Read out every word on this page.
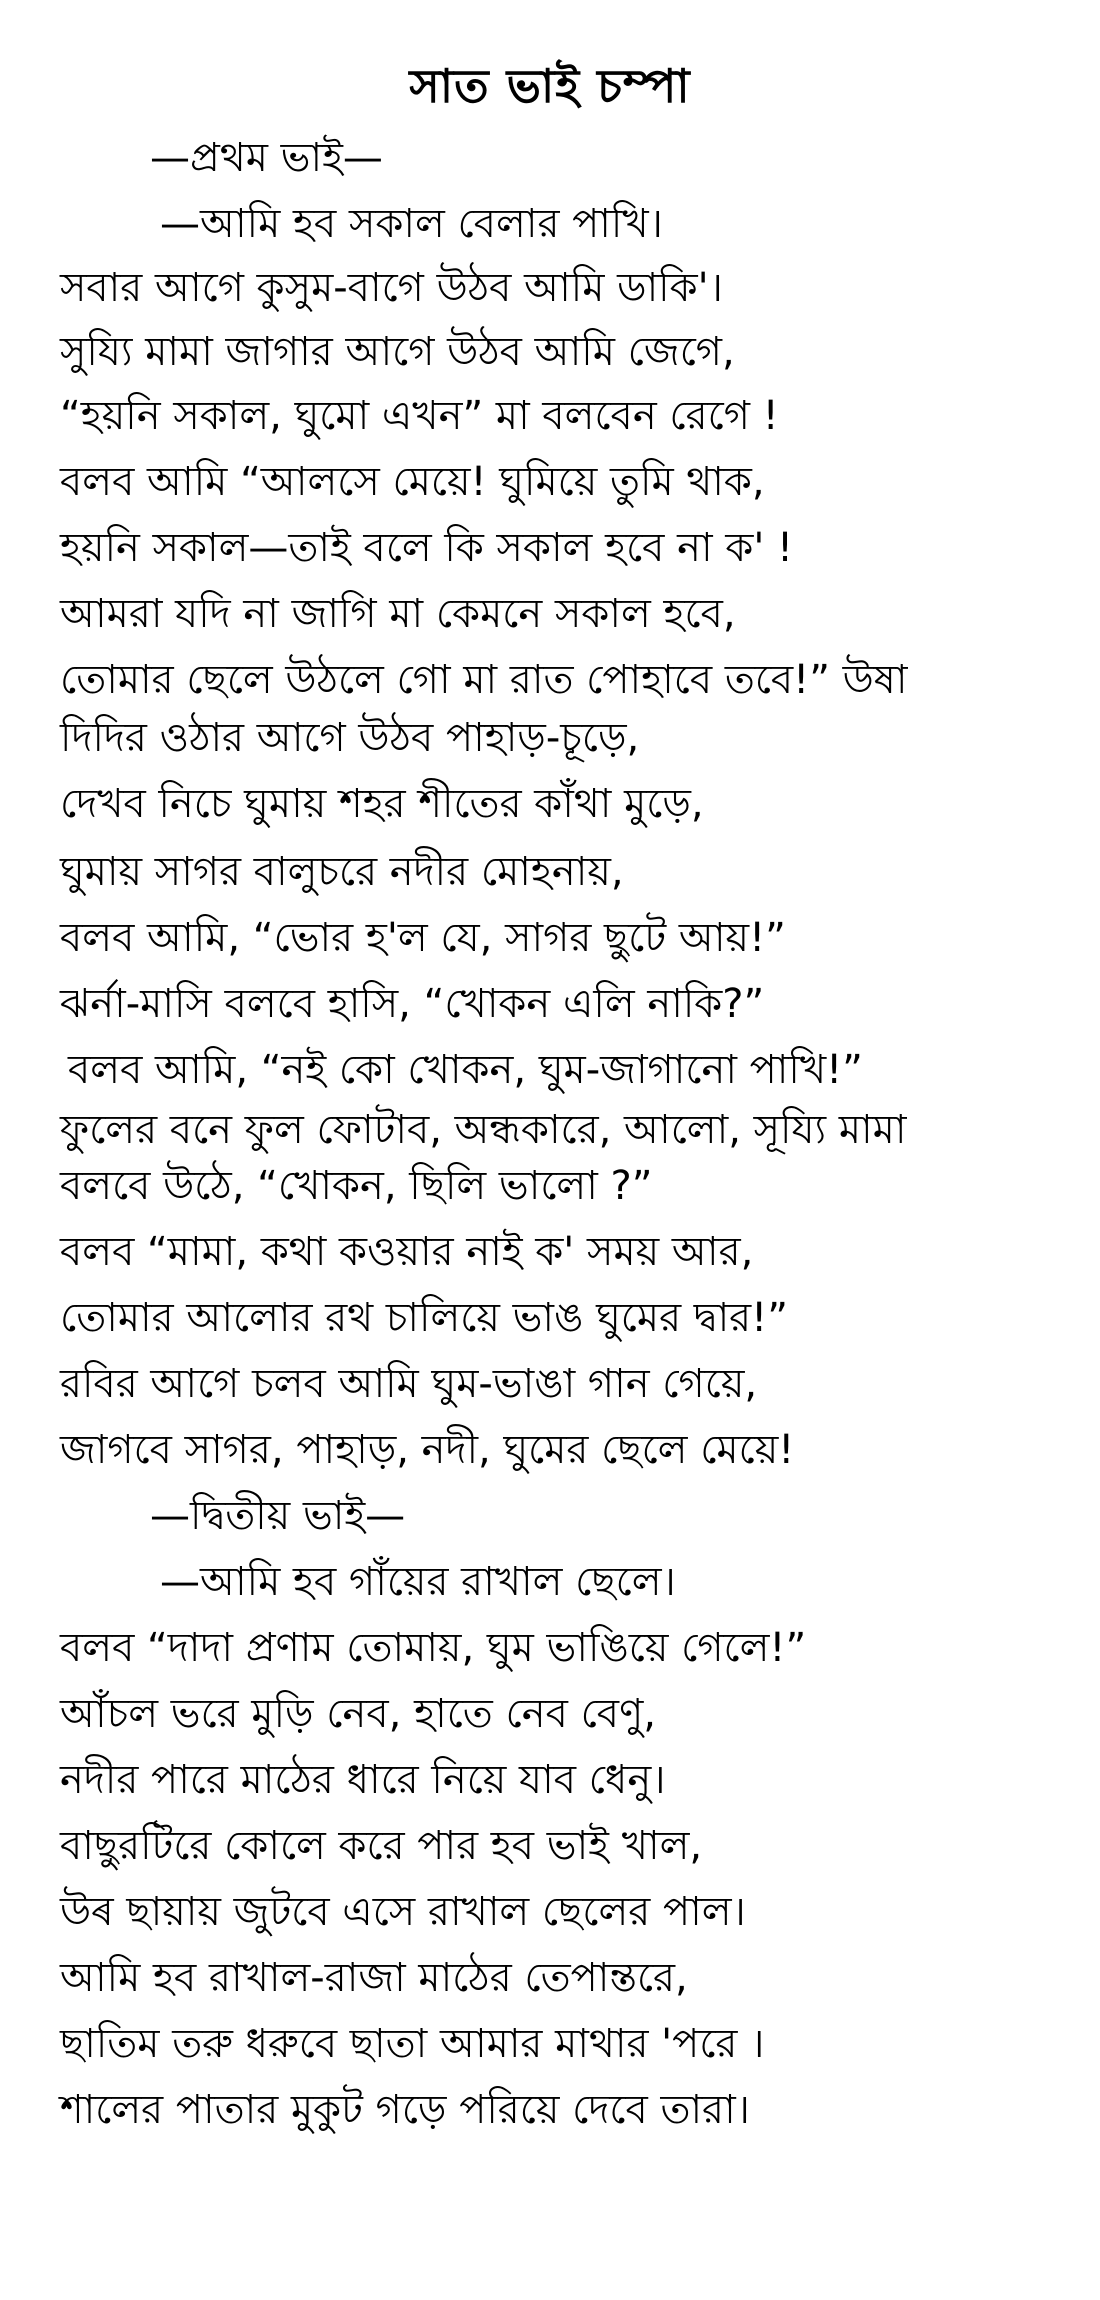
সাত ভাই চম্পা
—প্রথম ভাই—
—আমি হব সকাল বেলার পাখি।
সবার আগে কুসুম-বাগে উঠব আমি ডাকি'।
সুয্যি মামা জাগার আগে উঠব আমি জেগে,
“হয়নি সকাল, ঘুমো এখন” মা বলবেন রেগে !
বলব আমি “আলসে মেয়ে! ঘুমিয়ে তুমি থাক,
হয়নি সকাল—তাই বলে কি সকাল হবে না ক' !
আমরা যদি না জাগি মা কেমনে সকাল হবে,
তোমার ছেলে উঠলে গো মা রাত পোহাবে তবে!” উষা
দিদির ওঠার আগে উঠব পাহাড়-চূড়ে,
দেখব নিচে ঘুমায় শহর শীতের কাঁথা মুড়ে,
ঘুমায় সাগর বালুচরে নদীর মোহনায়,
বলব আমি, “ভোর হ'ল যে, সাগর ছুটে আয়!”
ঝর্না-মাসি বলবে হাসি, “খোকন এলি নাকি?”
বলব আমি, “নই কো খোকন, ঘুম-জাগানো পাখি!”
ফুলের বনে ফুল ফোটাব, অন্ধকারে, আলো, সূয্যি মামা
বলবে উঠে, “খোকন, ছিলি ভালো ?”
বলব “মামা, কথা কওয়ার নাই ক' সময় আর,
তোমার আলোর রথ চালিয়ে ভাঙ ঘুমের দ্বার!”
রবির আগে চলব আমি ঘুম-ভাঙা গান গেয়ে,
জাগবে সাগর, পাহাড়, নদী, ঘুমের ছেলে মেয়ে!
—দ্বিতীয় ভাই—
—আমি হব গাঁয়ের রাখাল ছেলে।
বলব “দাদা প্রণাম তোমায়, ঘুম ভাঙিয়ে গেলে!”
আঁচল ভরে মুড়ি নেব, হাতে নেব বেণু,
নদীর পারে মাঠের ধারে নিয়ে যাব ধেনু।
বাছুরটিরে কোলে করে পার হব ভাই খাল,
উৰ ছায়ায় জুটবে এসে রাখাল ছেলের পাল।
আমি হব রাখাল-রাজা মাঠের তেপান্তরে,
ছাতিম তরু ধরুবে ছাতা আমার মাথার 'পরে ।
শালের পাতার মুকুট গড়ে পরিয়ে দেবে তারা।
